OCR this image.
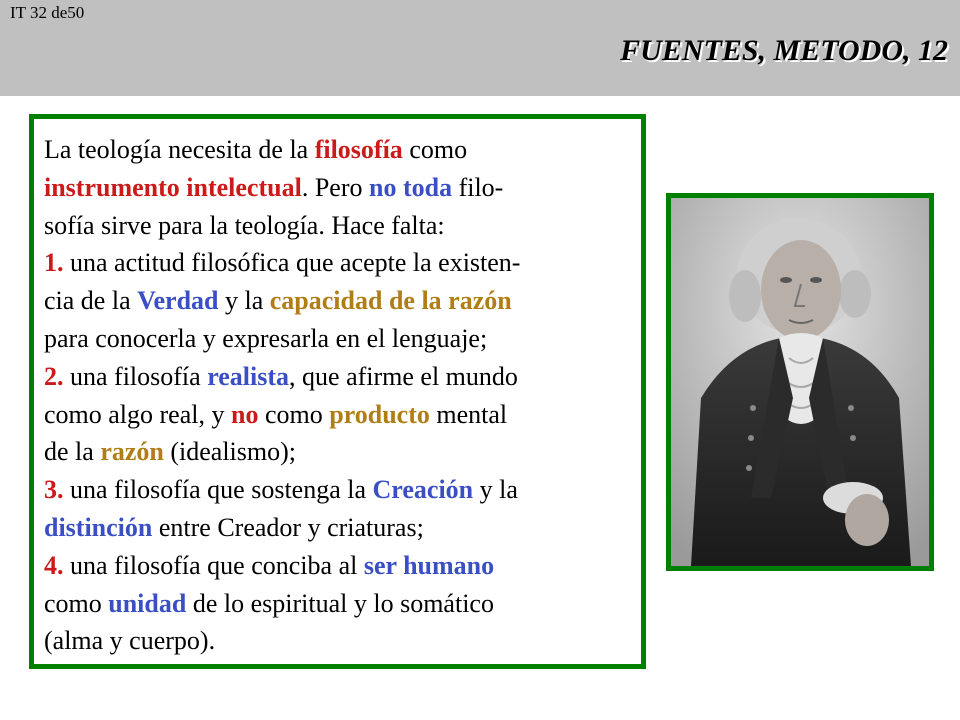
IT 32 de50
FUENTES, METODO, 12

La teología necesita de la filosofía como

instrumento intelectual. Pero no toda filo-

sofía sirve para la teología. Hace falta:

1. una actitud filosófica que acepte la existen-

cia de la Verdad y la capacidad de la razón

para conocerla y expresarla en el lenguaje;

2. una filosofía realista, que afirme el mundo

como algo real, y no como producto mental

de la razón (idealismo);

3. una filosofía que sostenga la Creación y la

distinción entre Creador y criaturas;

4. una filosofía que conciba al ser humano

como unidad de lo espiritual y lo somático

(alma y cuerpo).
